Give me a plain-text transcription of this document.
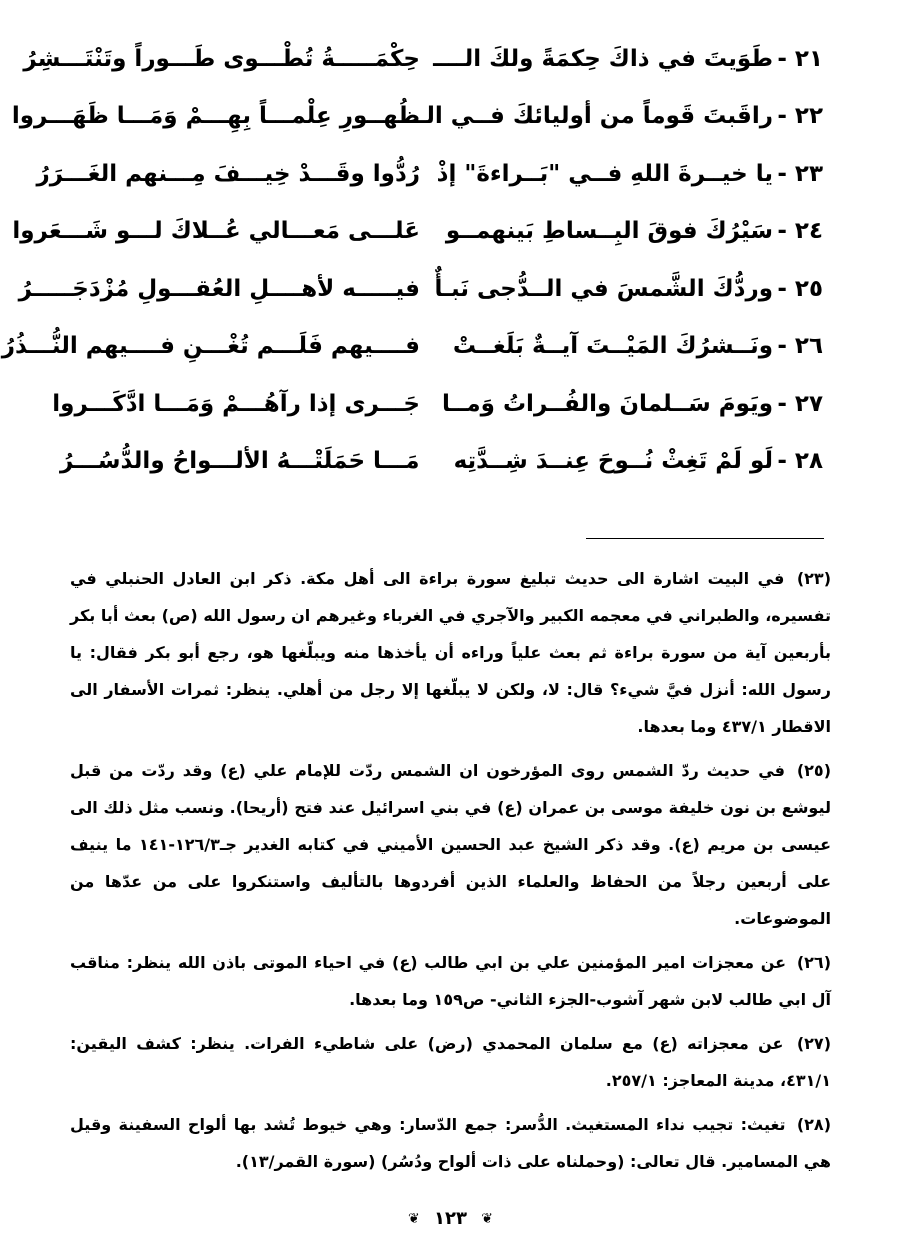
٢١ -
طَوَيتَ في ذاكَ حِكمَةً ولكَ الــــ
حِكْمَـــــةُ تُطْـــوى طَـــوراً وتَنْتَـــشِرُ
٢٢ -
راقَبتَ قَوماً من أوليائكَ فــي الـــ
ظُهــورِ عِلْمـــاً بِهِـــمْ وَمَـــا ظَهَـــروا
٢٣ -
يا خيــرةَ اللهِ فــي "بَــراءةَ" إذْ
رُدُّوا وقَـــدْ خِيـــفَ مِـــنهم الغَـــرَرُ
٢٤ -
سَيْرُكَ فوقَ البِــساطِ بَينهمــو
عَلـــى مَعـــالي عُــلاكَ لـــو شَـــعَروا
٢٥ -
وردُّكَ الشَّمسَ في الــدُّجى نَبـأٌ
فيـــــه لأهــــلِ العُقـــولِ مُزْدَجَـــــرُ
٢٦ -
ونَــشرُكَ المَيْــتَ آيــةٌ بَلَغــتْ
فــــيهم فَلَـــم تُغْـــنِ فــــيهم النُّـــذُرُ
٢٧ -
ويَومَ سَــلمانَ والفُــراتُ وَمــا
جَـــرى إذا رآهُـــمْ وَمَـــا ادَّكَـــروا
٢٨ -
لَو لَمْ تَغِثْ نُــوحَ عِنــدَ شِــدَّتِه
مَـــا حَمَلَتْـــهُ الألـــواحُ والدُّسُـــرُ

(٢٣) في البيت اشارة الى حديث تبليغ سورة براءة الى أهل مكة. ذكر ابن العادل الحنبلي في تفسيره، والطبراني في معجمه الكبير والآجري في الغرباء وغيرهم ان رسول الله (ص) بعث أبا بكر بأربعين آية من سورة براءة ثم بعث علياً وراءه أن يأخذها منه ويبلّغها هو، رجع أبو بكر فقال: يا رسول الله: أنزل فيَّ شيء؟ قال: لا، ولكن لا يبلّغها إلا رجل من أهلي. ينظر: ثمرات الأسفار الى الاقطار ٤٣٧/١ وما بعدها.

(٢٥) في حديث ردّ الشمس روى المؤرخون ان الشمس ردّت للإمام علي (ع) وقد ردّت من قبل ليوشع بن نون خليفة موسى بن عمران (ع) في بني اسرائيل عند فتح (أريحا). ونسب مثل ذلك الى عيسى بن مريم (ع). وقد ذكر الشيخ عبد الحسين الأميني في كتابه الغدير جـ١٢٦/٣-١٤١ ما ينيف على أربعين رجلاً من الحفاظ والعلماء الذين أفردوها بالتأليف واستنكروا على من عدّها من الموضوعات.

(٢٦) عن معجزات امير المؤمنين علي بن ابي طالب (ع) في احياء الموتى باذن الله ينظر: مناقب آل ابي طالب لابن شهر آشوب-الجزء الثاني- ص١٥٩ وما بعدها.

(٢٧) عن معجزاته (ع) مع سلمان المحمدي (رض) على شاطيء الفرات. ينظر: كشف اليقين: ٤٣١/١، مدينة المعاجز: ٢٥٧/١.

(٢٨) تغيث: تجيب نداء المستغيث. الدُّسر: جمع الدّسار: وهي خيوط تُشد بها ألواح السفينة وقيل هي المسامير. قال تعالى: (وحملناه على ذات ألواح ودُسُر) (سورة القمر/١٣).

❦ ١٢٣ ❦
